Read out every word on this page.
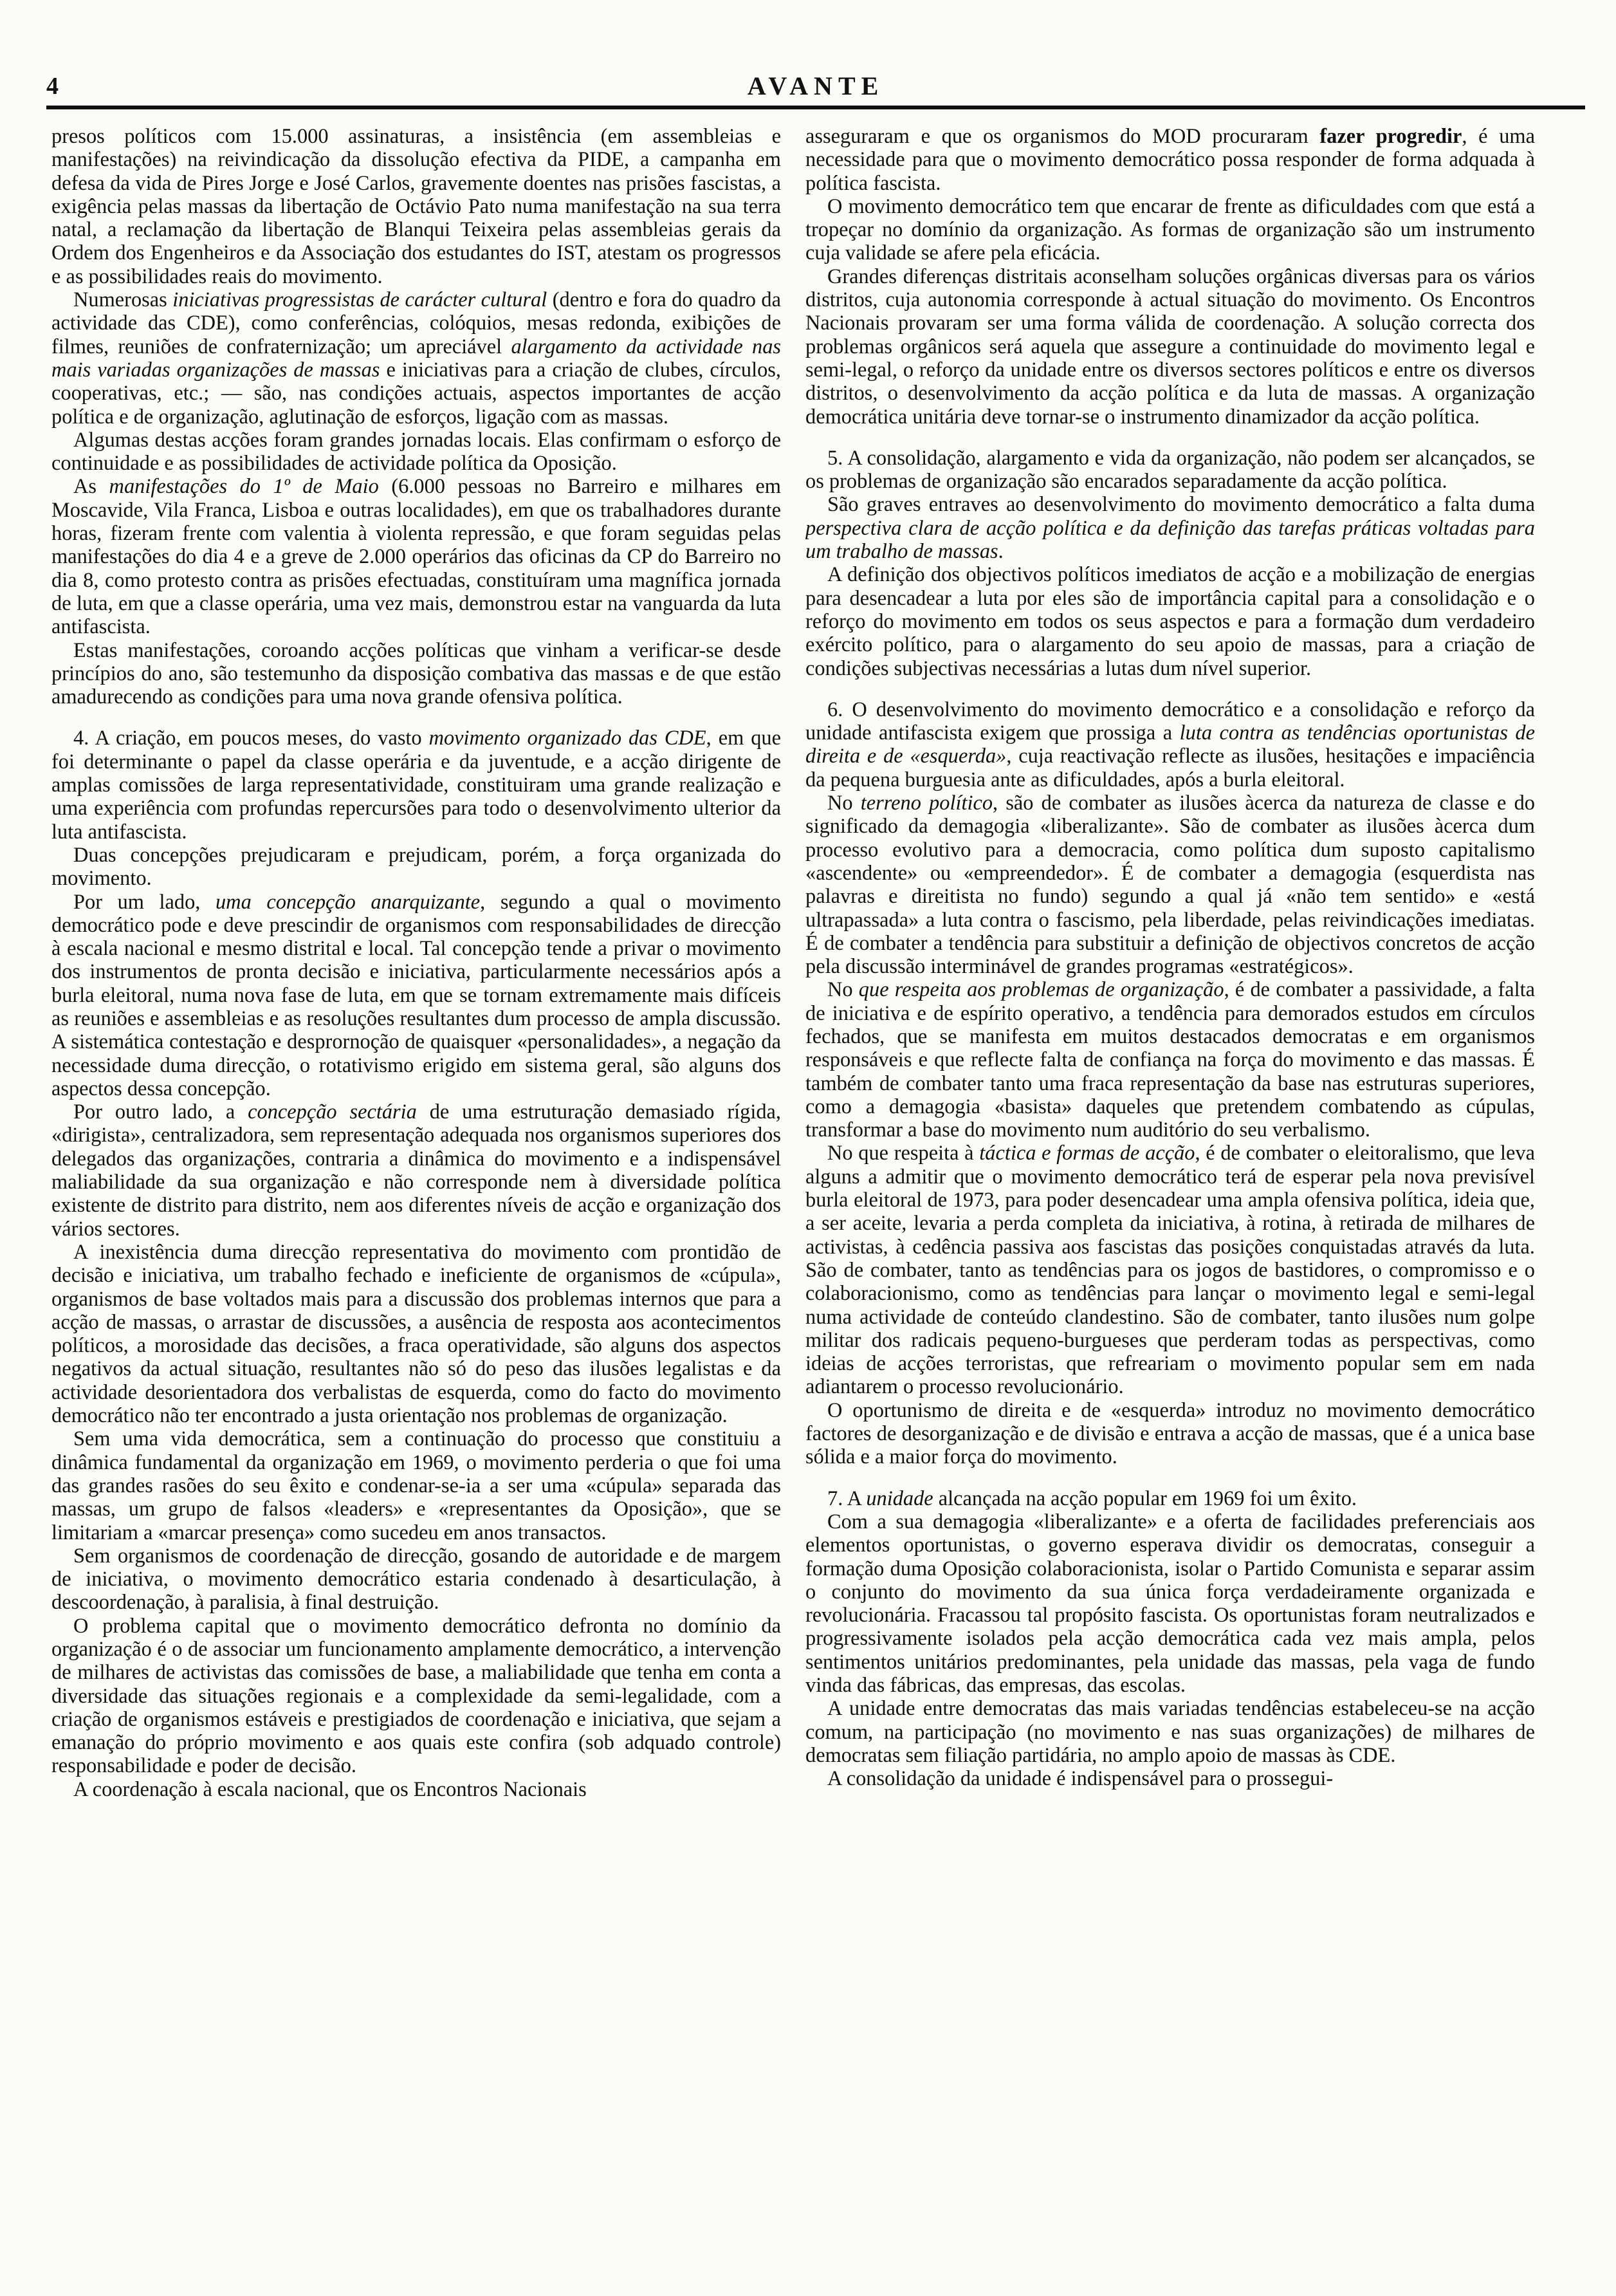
4	AVANTE

presos políticos com 15.000 assinaturas, a insistência (em assembleias e manifestações) na reivindicação da dissolução efectiva da PIDE, a campanha em defesa da vida de Pires Jorge e José Carlos, gravemente doentes nas prisões fascistas, a exigência pelas massas da libertação de Octávio Pato numa manifestação na sua terra natal, a reclamação da libertação de Blanqui Teixeira pelas assembleias gerais da Ordem dos Engenheiros e da Associação dos estudantes do IST, atestam os progressos e as possibilidades reais do movimento.

Numerosas iniciativas progressistas de carácter cultural (dentro e fora do quadro da actividade das CDE), como conferências, colóquios, mesas redonda, exibições de filmes, reuniões de confraternização; um apreciável alargamento da actividade nas mais variadas organizações de massas e iniciativas para a criação de clubes, círculos, cooperativas, etc.; — são, nas condições actuais, aspectos importantes de acção política e de organização, aglutinação de esforços, ligação com as massas.

Algumas destas acções foram grandes jornadas locais. Elas confirmam o esforço de continuidade e as possibilidades de actividade política da Oposição.

As manifestações do 1º de Maio (6.000 pessoas no Barreiro e milhares em Moscavide, Vila Franca, Lisboa e outras localidades), em que os trabalhadores durante horas, fizeram frente com valentia à violenta repressão, e que foram seguidas pelas manifestações do dia 4 e a greve de 2.000 operários das oficinas da CP do Barreiro no dia 8, como protesto contra as prisões efectuadas, constituíram uma magnífica jornada de luta, em que a classe operária, uma vez mais, demonstrou estar na vanguarda da luta antifascista.

Estas manifestações, coroando acções políticas que vinham a verificar-se desde princípios do ano, são testemunho da disposição combativa das massas e de que estão amadurecendo as condições para uma nova grande ofensiva política.

4. A criação, em poucos meses, do vasto movimento organizado das CDE, em que foi determinante o papel da classe operária e da juventude, e a acção dirigente de amplas comissões de larga representatividade, constituiram uma grande realização e uma experiência com profundas repercursões para todo o desenvolvimento ulterior da luta antifascista.

Duas concepções prejudicaram e prejudicam, porém, a força organizada do movimento.

Por um lado, uma concepção anarquizante, segundo a qual o movimento democrático pode e deve prescindir de organismos com responsabilidades de direcção à escala nacional e mesmo distrital e local. Tal concepção tende a privar o movimento dos instrumentos de pronta decisão e iniciativa, particularmente necessários após a burla eleitoral, numa nova fase de luta, em que se tornam extremamente mais difíceis as reuniões e assembleias e as resoluções resultantes dum processo de ampla discussão. A sistemática contestação e desprornoção de quaisquer «personalidades», a negação da necessidade duma direcção, o rotativismo erigido em sistema geral, são alguns dos aspectos dessa concepção.

Por outro lado, a concepção sectária de uma estruturação demasiado rígida, «dirigista», centralizadora, sem representação adequada nos organismos superiores dos delegados das organizações, contraria a dinâmica do movimento e a indispensável maliabilidade da sua organização e não corresponde nem à diversidade política existente de distrito para distrito, nem aos diferentes níveis de acção e organização dos vários sectores.

A inexistência duma direcção representativa do movimento com prontidão de decisão e iniciativa, um trabalho fechado e ineficiente de organismos de «cúpula», organismos de base voltados mais para a discussão dos problemas internos que para a acção de massas, o arrastar de discussões, a ausência de resposta aos acontecimentos políticos, a morosidade das decisões, a fraca operatividade, são alguns dos aspectos negativos da actual situação, resultantes não só do peso das ilusões legalistas e da actividade desorientadora dos verbalistas de esquerda, como do facto do movimento democrático não ter encontrado a justa orientação nos problemas de organização.

Sem uma vida democrática, sem a continuação do processo que constituiu a dinâmica fundamental da organização em 1969, o movimento perderia o que foi uma das grandes rasões do seu êxito e condenar-se-ia a ser uma «cúpula» separada das massas, um grupo de falsos «leaders» e «representantes da Oposição», que se limitariam a «marcar presença» como sucedeu em anos transactos.

Sem organismos de coordenação de direcção, gosando de autoridade e de margem de iniciativa, o movimento democrático estaria condenado à desarticulação, à descoordenação, à paralisia, à final destruição.

O problema capital que o movimento democrático defronta no domínio da organização é o de associar um funcionamento amplamente democrático, a intervenção de milhares de activistas das comissões de base, a maliabilidade que tenha em conta a diversidade das situações regionais e a complexidade da semi-legalidade, com a criação de organismos estáveis e prestigiados de coordenação e iniciativa, que sejam a emanação do próprio movimento e aos quais este confira (sob adquado controle) responsabilidade e poder de decisão.

A coordenação à escala nacional, que os Encontros Nacionais

asseguraram e que os organismos do MOD procuraram fazer progredir, é uma necessidade para que o movimento democrático possa responder de forma adquada à política fascista.

O movimento democrático tem que encarar de frente as dificuldades com que está a tropeçar no domínio da organização. As formas de organização são um instrumento cuja validade se afere pela eficácia.

Grandes diferenças distritais aconselham soluções orgânicas diversas para os vários distritos, cuja autonomia corresponde à actual situação do movimento. Os Encontros Nacionais provaram ser uma forma válida de coordenação. A solução correcta dos problemas orgânicos será aquela que assegure a continuidade do movimento legal e semi-legal, o reforço da unidade entre os diversos sectores políticos e entre os diversos distritos, o desenvolvimento da acção política e da luta de massas. A organização democrática unitária deve tornar-se o instrumento dinamizador da acção política.

5. A consolidação, alargamento e vida da organização, não podem ser alcançados, se os problemas de organização são encarados separadamente da acção política.

São graves entraves ao desenvolvimento do movimento democrático a falta duma perspectiva clara de acção política e da definição das tarefas práticas voltadas para um trabalho de massas.

A definição dos objectivos políticos imediatos de acção e a mobilização de energias para desencadear a luta por eles são de importância capital para a consolidação e o reforço do movimento em todos os seus aspectos e para a formação dum verdadeiro exército político, para o alargamento do seu apoio de massas, para a criação de condições subjectivas necessárias a lutas dum nível superior.

6. O desenvolvimento do movimento democrático e a consolidação e reforço da unidade antifascista exigem que prossiga a luta contra as tendências oportunistas de direita e de «esquerda», cuja reactivação reflecte as ilusões, hesitações e impaciência da pequena burguesia ante as dificuldades, após a burla eleitoral.

No terreno político, são de combater as ilusões àcerca da natureza de classe e do significado da demagogia «liberalizante». São de combater as ilusões àcerca dum processo evolutivo para a democracia, como política dum suposto capitalismo «ascendente» ou «empreendedor». É de combater a demagogia (esquerdista nas palavras e direitista no fundo) segundo a qual já «não tem sentido» e «está ultrapassada» a luta contra o fascismo, pela liberdade, pelas reivindicações imediatas. É de combater a tendência para substituir a definição de objectivos concretos de acção pela discussão interminável de grandes programas «estratégicos».

No que respeita aos problemas de organização, é de combater a passividade, a falta de iniciativa e de espírito operativo, a tendência para demorados estudos em círculos fechados, que se manifesta em muitos destacados democratas e em organismos responsáveis e que reflecte falta de confiança na força do movimento e das massas. É também de combater tanto uma fraca representação da base nas estruturas superiores, como a demagogia «basista» daqueles que pretendem combatendo as cúpulas, transformar a base do movimento num auditório do seu verbalismo.

No que respeita à táctica e formas de acção, é de combater o eleitoralismo, que leva alguns a admitir que o movimento democrático terá de esperar pela nova previsível burla eleitoral de 1973, para poder desencadear uma ampla ofensiva política, ideia que, a ser aceite, levaria a perda completa da iniciativa, à rotina, à retirada de milhares de activistas, à cedência passiva aos fascistas das posições conquistadas através da luta. São de combater, tanto as tendências para os jogos de bastidores, o compromisso e o colaboracionismo, como as tendências para lançar o movimento legal e semi-legal numa actividade de conteúdo clandestino. São de combater, tanto ilusões num golpe militar dos radicais pequeno-burgueses que perderam todas as perspectivas, como ideias de acções terroristas, que refreariam o movimento popular sem em nada adiantarem o processo revolucionário.

O oportunismo de direita e de «esquerda» introduz no movimento democrático factores de desorganização e de divisão e entrava a acção de massas, que é a unica base sólida e a maior força do movimento.

7. A unidade alcançada na acção popular em 1969 foi um êxito.

Com a sua demagogia «liberalizante» e a oferta de facilidades preferenciais aos elementos oportunistas, o governo esperava dividir os democratas, conseguir a formação duma Oposição colaboracionista, isolar o Partido Comunista e separar assim o conjunto do movimento da sua única força verdadeiramente organizada e revolucionária. Fracassou tal propósito fascista. Os oportunistas foram neutralizados e progressivamente isolados pela acção democrática cada vez mais ampla, pelos sentimentos unitários predominantes, pela unidade das massas, pela vaga de fundo vinda das fábricas, das empresas, das escolas.

A unidade entre democratas das mais variadas tendências estabeleceu-se na acção comum, na participação (no movimento e nas suas organizações) de milhares de democratas sem filiação partidária, no amplo apoio de massas às CDE.

A consolidação da unidade é indispensável para o prossegui-
